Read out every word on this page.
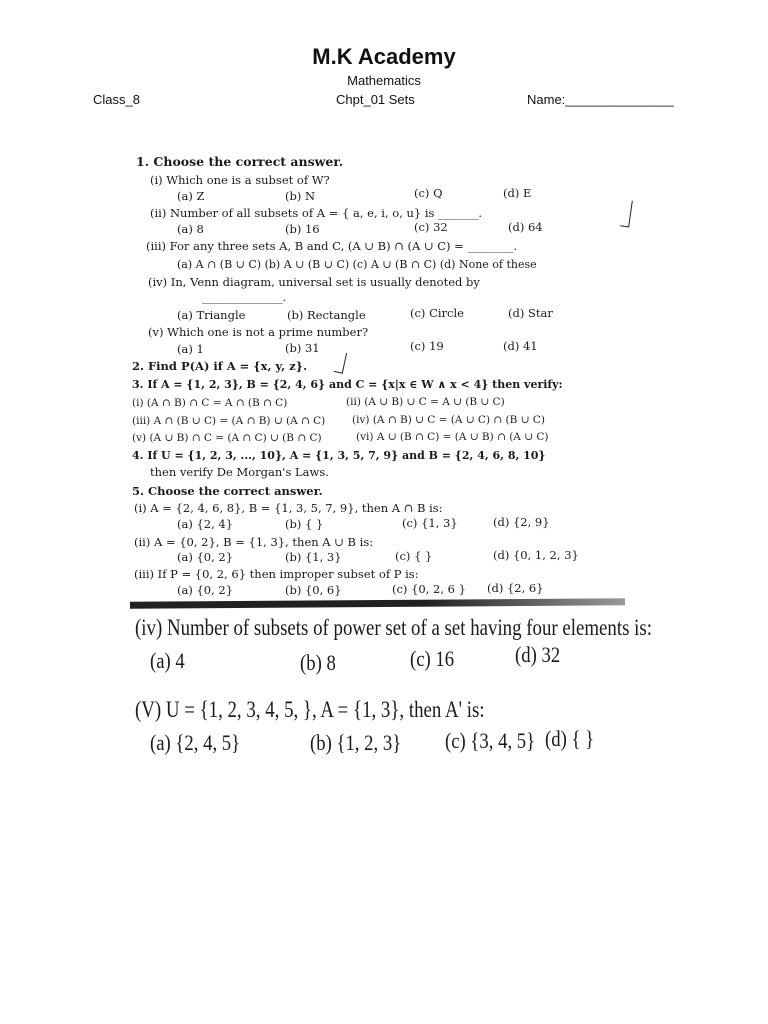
M.K Academy
Mathematics
Class_8	Chpt_01 Sets	Name:_______________
1. Choose the correct answer.
(i) Which one is a subset of W?
(a) Z	(b) N	(c) Q	(d) E
(ii) Number of all subsets of A = { a, e, i, o, u} is _______.
(a) 8	(b) 16	(c) 32	(d) 64
(iii) For any three sets A, B and C, (A ∪ B) ∩ (A ∪ C) = ________.
(a) A ∩ (B ∪ C) (b) A ∪ (B ∪ C) (c) A ∪ (B ∩ C) (d) None of these
(iv) In, Venn diagram, universal set is usually denoted by
______________.
(a) Triangle	(b) Rectangle	(c) Circle	(d) Star
(v) Which one is not a prime number?
(a) 1	(b) 31	(c) 19	(d) 41
2. Find P(A) if A = {x, y, z}.
3. If A = {1, 2, 3}, B = {2, 4, 6} and C = {x|x ∈ W ∧ x < 4} then verify:
(i) (A ∩ B) ∩ C = A ∩ (B ∩ C)	(ii) (A ∪ B) ∪ C = A ∪ (B ∪ C)
(iii) A ∩ (B ∪ C) = (A ∩ B) ∪ (A ∩ C)	(iv) (A ∩ B) ∪ C = (A ∪ C) ∩ (B ∪ C)
(v) (A ∪ B) ∩ C = (A ∩ C) ∪ (B ∩ C)	(vi) A ∪ (B ∩ C) = (A ∪ B) ∩ (A ∪ C)
4. If U = {1, 2, 3, ..., 10}, A = {1, 3, 5, 7, 9} and B = {2, 4, 6, 8, 10}
then verify De Morgan's Laws.
5. Choose the correct answer.
(i) A = {2, 4, 6, 8}, B = {1, 3, 5, 7, 9}, then A ∩ B is:
(a) {2, 4}	(b) { }	(c) {1, 3}	(d) {2, 9}
(ii) A = {0, 2}, B = {1, 3}, then A ∪ B is:
(a) {0, 2}	(b) {1, 3}	(c) { }	(d) {0, 1, 2, 3}
(iii) If P = {0, 2, 6} then improper subset of P is:
(a) {0, 2}	(b) {0, 6}	(c) {0, 2, 6 } (d) {2, 6}
(iv) Number of subsets of power set of a set having four elements is:
(a) 4	(b) 8	(c) 16	(d) 32
(V) U = {1, 2, 3, 4, 5, }, A = {1, 3}, then A' is:
(a) {2, 4, 5}	(b) {1, 2, 3}	(c) {3, 4, 5} (d) { }
